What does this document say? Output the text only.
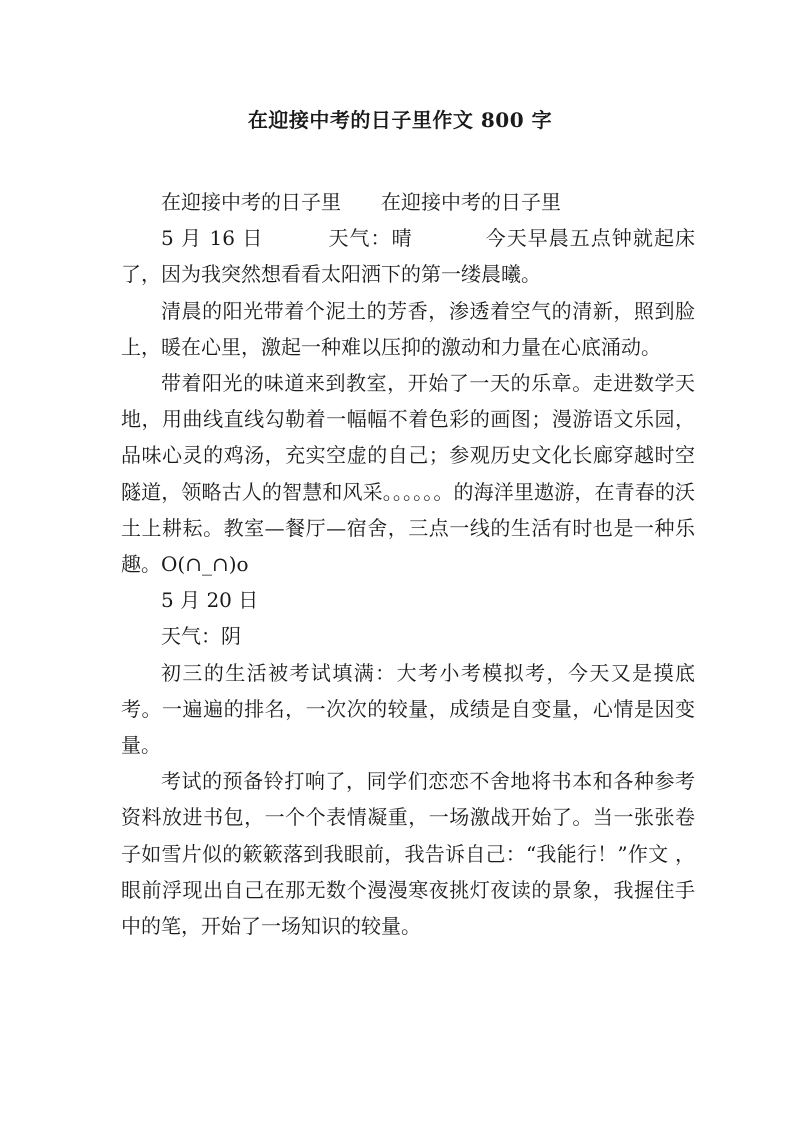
在迎接中考的日子里作文 800 字

在迎接中考的日子里 在迎接中考的日子里

5 月 16 日	天气：晴	今天早晨五点钟就起床了，因为我突然想看看太阳洒下的第一缕晨曦。

清晨的阳光带着个泥土的芳香，渗透着空气的清新，照到脸上，暖在心里，激起一种难以压抑的激动和力量在心底涌动。

带着阳光的味道来到教室，开始了一天的乐章。走进数学天地，用曲线直线勾勒着一幅幅不着色彩的画图；漫游语文乐园，品味心灵的鸡汤，充实空虚的自己；参观历史文化长廊穿越时空隧道，领略古人的智慧和风采。。。。。。的海洋里遨游，在青春的沃土上耕耘。教室—餐厅—宿舍，三点一线的生活有时也是一种乐趣。O(∩_∩)o

5 月 20 日

天气：阴

初三的生活被考试填满：大考小考模拟考，今天又是摸底考。一遍遍的排名，一次次的较量，成绩是自变量，心情是因变量。

考试的预备铃打响了，同学们恋恋不舍地将书本和各种参考资料放进书包，一个个表情凝重，一场激战开始了。当一张张卷子如雪片似的簌簌落到我眼前，我告诉自己：“我能行！”作文 ，眼前浮现出自己在那无数个漫漫寒夜挑灯夜读的景象，我握住手中的笔，开始了一场知识的较量。
